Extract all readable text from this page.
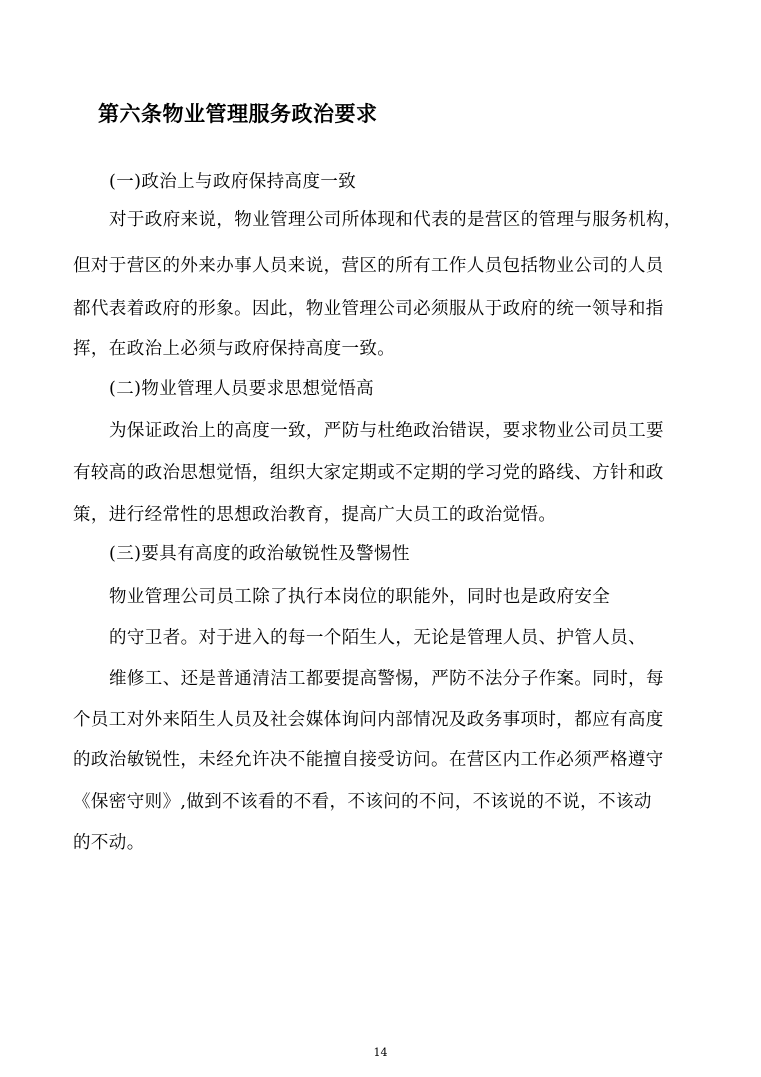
第六条物业管理服务政治要求

(一)政治上与政府保持高度一致

对于政府来说，物业管理公司所体现和代表的是营区的管理与服务机构，

但对于营区的外来办事人员来说，营区的所有工作人员包括物业公司的人员

都代表着政府的形象。因此，物业管理公司必须服从于政府的统一领导和指

挥，在政治上必须与政府保持高度一致。

(二)物业管理人员要求思想觉悟高

为保证政治上的高度一致，严防与杜绝政治错误，要求物业公司员工要

有较高的政治思想觉悟，组织大家定期或不定期的学习党的路线、方针和政

策，进行经常性的思想政治教育，提高广大员工的政治觉悟。

(三)要具有高度的政治敏锐性及警惕性

物业管理公司员工除了执行本岗位的职能外，同时也是政府安全

的守卫者。对于进入的每一个陌生人，无论是管理人员、护管人员、

维修工、还是普通清洁工都要提高警惕，严防不法分子作案。同时，每

个员工对外来陌生人员及社会媒体询问内部情况及政务事项时，都应有高度

的政治敏锐性，未经允许决不能擅自接受访问。在营区内工作必须严格遵守

《保密守则》,做到不该看的不看，不该问的不问，不该说的不说，不该动

的不动。

14
